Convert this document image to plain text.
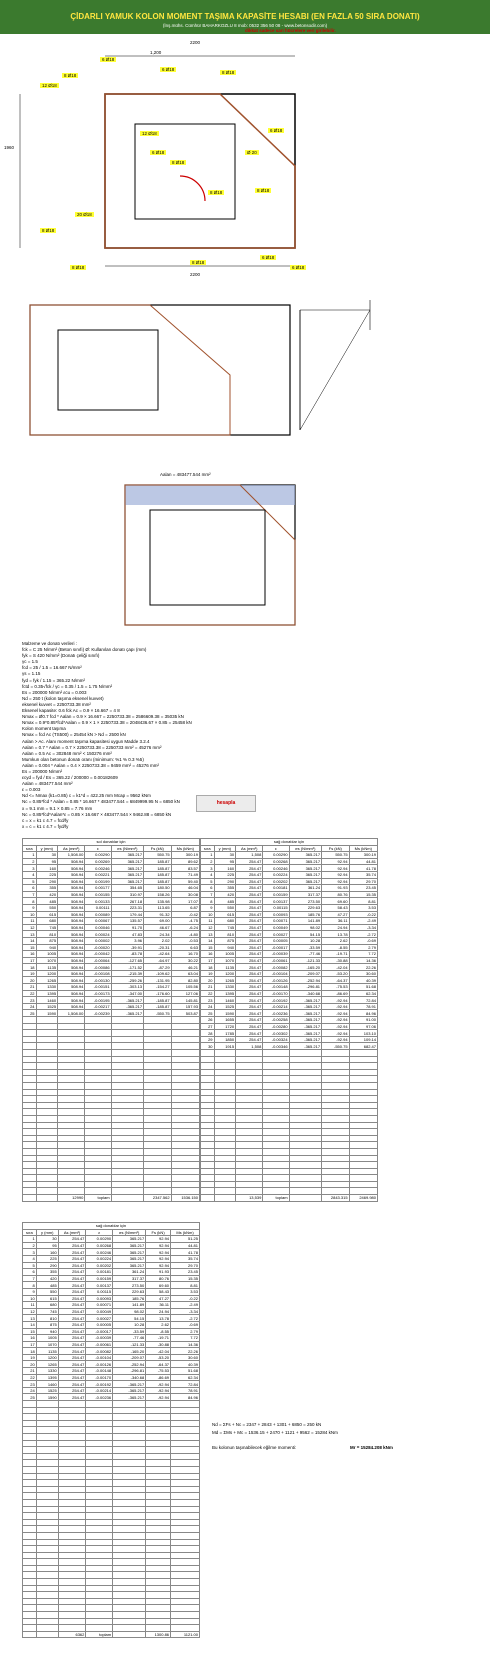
ÇİDARLI YAMUK KOLON MOMENT TAŞIMA KAPASİTE HESABI (EN FAZLA 50 SIRA DONATI)
(İnş.mühs. Cümhür BAHARKOZLU 8 mob: 0532 356 50 08 - www.betonsodir.com)
dikkat sadece sarı hücrelere veri girilebilir.
2200
1,200
2200
1960
6 Ø18
8 Ø18
6 Ø18
8 Ø18
12 Ø18
12 Ø18
8 Ø18
8 Ø18
6 Ø18
20 Ø18
Ø 20
8 Ø18
8 Ø18
6 Ø18
6 Ø18
8 Ø18
6 Ø18
8 Ø18
Aalan = 483477.544 mm²
Malzeme ve donatı verileri :
fck = C 25 N/mm² (Beton sınıfı) Ø: Kullanılan donatı çapı (mm)
fyk = S 420 N/mm² (Donatı çeliği sınıfı)
γc = 1.5
fcd = 25 / 1.5 = 16.667 N/mm²
γs = 1.15
fyd = fyk / 1.15 = 365.22 N/mm²
fctd = 0.35√fck / γc = 0.35 / 1.5 = 1.75 N/mm²
Es = 200000 N/mm² εcu = 0.003
Nd = 250 t (kolon taşıma eksenel kuvvet)
eksenel kuvvet = 2250733.38 mm²
Eksenel kapasite: 0.6 fck Ac = 0.9 × 16.667 = 4 8
Nmax = Ø0.7 fcd * Aalan = 0.9 × 16.667 = 2250733.38 = 2586609.38 = 35035 kN
Nmax = 0.9*0.85*fcd*Aalan = 0.9 × 1 × 2250733.38 = 2048436.67 × 0.85 = 25458 kN
Kolon moment taşıma
Nmax = fcd Ac (TS500) = 25454 kN > Nd = 2500 kN
Aalan > Ac. Alanı moment taşıma kapasitesi uygun Madde 3.2.4
Aalan = 0.7 * Aalan = 0.7 × 2250733.38 = 2250733 mm² = 45276 mm²
Aalan = 0.5 Ac = 302848 mm² < 150276 mm²
Mumkun olan betonun donatı oranı (minimum: %1 % 0.3 %5)
Aalan = 0.004 * Aalan = 0.4 × 2250733.38 = 9459 mm² = 45276 mm²
Es = 200000 N/mm²
εcyd = fyd / Es = 365.22 / 200000 = 0.00182609
Aalan = 483477.544 mm²
ε = 0.003
Nd <= Nmax (k1=0.85) c = k1*d = 422.25 mm Mcap = 9562 kNm
Nc = 0.85*fcd * Aalan = 0.85 * 16.667 * 483477.544 = 6849999.95 N = 6850 kN
x = 9.1 mm = 9.1 × 0.85 = 7.76 mm
Nc = 0.85*fcd*Aalan*ε = 0.85 × 16.667 × 483477.544 × 9462.88 = 6850 kN
c = x = k1 c 4.7 = fcd/fy
x = c = k1 c 4.7 = fyd/fy
hesapla
sol donatılar için						
sıra	y (mm)	As (mm²)	ε	σs (N/mm²)	Fs (kN)	Ms (kNm)
1	30	1,508.00	0.00290	365.217	550.75	300.19
2	95	508.94	0.00269	365.217	185.87	89.62
3	160	508.94	0.00246	365.217	185.87	83.57
4	225	508.94	0.00221	365.217	185.87	71.49
5	290	508.94	0.00199	365.217	185.87	59.40
6	355	508.94	0.00177	354.65	180.50	46.04
7	420	508.94	0.00155	310.97	158.26	30.08
8	485	508.94	0.00133	267.18	135.98	17.07
9	550	508.94	0.00111	223.31	113.65	6.87
10	615	508.94	0.00089	179.44	91.32	-0.42
11	680	508.94	0.00067	135.57	69.00	-4.75
12	745	508.94	0.00046	91.70	46.67	-6.24
13	810	508.94	0.00024	47.83	24.34	-4.80
14	875	508.94	0.00002	3.96	2.02	-0.53
15	940	508.94	-0.00020	-39.91	-20.31	6.63
16	1005	508.94	-0.00042	-83.78	-42.64	16.70
17	1070	508.94	-0.00064	-127.65	-64.97	30.22
18	1135	508.94	-0.00086	-171.52	-87.29	46.21
19	1200	508.94	-0.00108	-215.39	-109.62	63.04
20	1265	508.94	-0.00130	-259.26	-131.95	82.80
21	1330	508.94	-0.00151	-303.13	-154.27	105.56
22	1395	508.94	-0.00173	-347.00	-176.60	127.06
23	1460	508.94	-0.00195	-365.217	-185.87	145.81
24	1525	508.94	-0.00217	-365.217	-185.87	157.93
25	1590	1,508.00	-0.00239	-365.217	-550.75	503.87

		12990	toplam		2347.562	1536.150
sağ donatılar için						
sıra	y (mm)	As (mm²)	ε	σs (N/mm²)	Fs (kN)	Ms (kNm)
1	30	1,508	0.00290	365.217	550.75	300.19
2	95	254.47	0.00268	365.217	92.94	44.81
3	160	254.47	0.00246	365.217	92.94	41.78
4	225	254.47	0.00224	365.217	92.94	35.74
5	290	254.47	0.00202	365.217	92.94	29.70
6	355	254.47	0.00181	361.24	91.93	23.45
7	420	254.47	0.00159	317.37	80.76	15.35
8	485	254.47	0.00137	273.50	69.60	8.81
9	550	254.47	0.00115	229.63	58.43	3.53
10	615	254.47	0.00093	185.76	47.27	-0.22
11	680	254.47	0.00071	141.89	36.11	-2.49
12	745	254.47	0.00049	98.02	24.94	-3.34
13	810	254.47	0.00027	54.15	13.78	-2.72
14	875	254.47	0.00005	10.28	2.62	-0.69
15	940	254.47	-0.00017	-33.59	-8.55	2.79
16	1005	254.47	-0.00039	-77.46	-19.71	7.72
17	1070	254.47	-0.00061	-121.33	-30.88	14.36
18	1135	254.47	-0.00082	-165.20	-42.04	22.26
19	1200	254.47	-0.00104	-209.07	-53.20	30.60
20	1265	254.47	-0.00126	-252.94	-64.37	40.39
21	1330	254.47	-0.00148	-296.81	-75.53	51.68
22	1395	254.47	-0.00170	-340.68	-86.69	62.34
23	1460	254.47	-0.00192	-365.217	-92.94	72.84
24	1525	254.47	-0.00214	-365.217	-92.94	78.91
25	1590	254.47	-0.00236	-365.217	-92.94	84.96
26	1655	254.47	-0.00258	-365.217	-92.94	91.00
27	1720	254.47	-0.00280	-365.217	-92.94	97.06
28	1785	254.47	-0.00302	-365.217	-92.94	103.10
29	1850	254.47	-0.00324	-365.217	-92.94	109.14
30	1915	1,508	-0.00346	-365.217	-550.75	682.47

		13,539	toplam		2843.315	2469.980
sağ donatılar için						
sıra	y (mm)	As (mm²)	ε	σs (N/mm²)	Fs (kN)	Ms (kNm)
1	30	254.47	0.00290	365.217	92.94	51.25
2	95	254.47	0.00268	365.217	92.94	44.81
3	160	254.47	0.00246	365.217	92.94	41.78
4	225	254.47	0.00224	365.217	92.94	35.74
5	290	254.47	0.00202	365.217	92.94	29.70
6	355	254.47	0.00181	361.24	91.93	23.45
7	420	254.47	0.00159	317.37	80.76	15.35
8	485	254.47	0.00137	273.50	69.60	8.81
9	550	254.47	0.00115	229.63	58.43	3.53
10	615	254.47	0.00093	185.76	47.27	-0.22
11	680	254.47	0.00071	141.89	36.11	-2.49
12	745	254.47	0.00049	98.02	24.94	-3.34
13	810	254.47	0.00027	54.15	13.78	-2.72
14	875	254.47	0.00005	10.28	2.62	-0.69
15	940	254.47	-0.00017	-33.59	-8.55	2.79
16	1005	254.47	-0.00039	-77.46	-19.71	7.72
17	1070	254.47	-0.00061	-121.33	-30.88	14.36
18	1135	254.47	-0.00082	-165.20	-42.04	22.26
19	1200	254.47	-0.00104	-209.07	-53.20	30.60
20	1265	254.47	-0.00126	-252.94	-64.37	40.39
21	1330	254.47	-0.00148	-296.81	-75.53	51.68
22	1395	254.47	-0.00170	-340.68	-86.69	62.34
23	1460	254.47	-0.00192	-365.217	-92.94	72.84
24	1525	254.47	-0.00214	-365.217	-92.94	78.91
25	1590	254.47	-0.00236	-365.217	-92.94	84.96

		6362	toplam		1300.86	1121.00
Nd = ΣFs + Nc = 2347 + 2843 + 1301 + 6850 = 250 kN
Md = ΣMs + Mc = 1536.15 + 2470 + 1121 + 9562 = 15284 kNm
Bu kolonun taşınabilecek eğilme momenti:	Mr = 15284.208 kNm
